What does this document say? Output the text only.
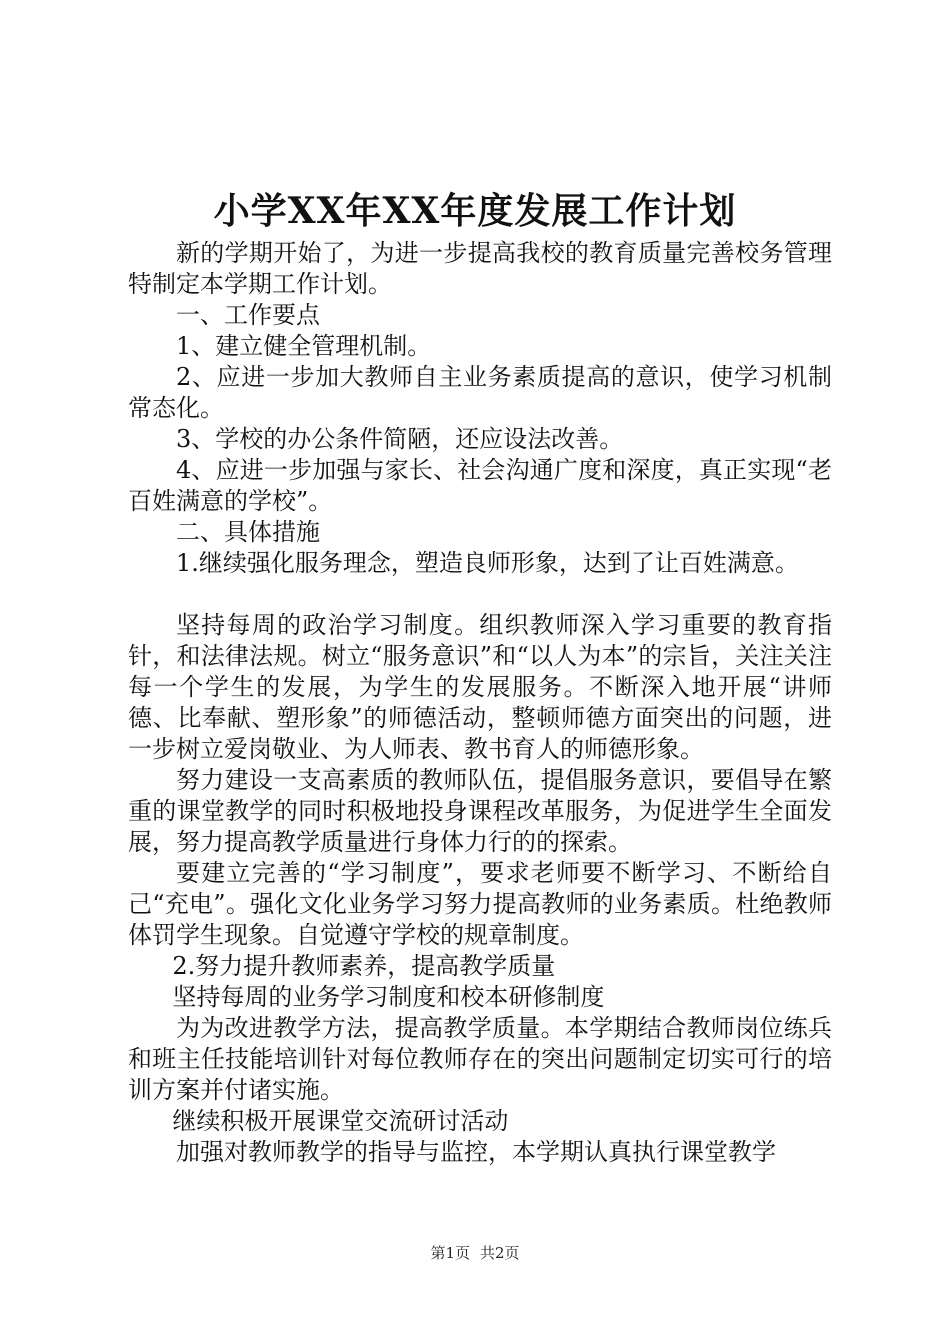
小学XX年XX年度发展工作计划

新的学期开始了，为进一步提高我校的教育质量完善校务管理特制定本学期工作计划。

一、工作要点

1、建立健全管理机制。

2、应进一步加大教师自主业务素质提高的意识，使学习机制常态化。

3、学校的办公条件简陋，还应设法改善。

4、应进一步加强与家长、社会沟通广度和深度，真正实现“老百姓满意的学校”。

二、具体措施

1.继续强化服务理念，塑造良师形象，达到了让百姓满意。

坚持每周的政治学习制度。组织教师深入学习重要的教育指针，和法律法规。树立“服务意识”和“以人为本”的宗旨，关注关注每一个学生的发展，为学生的发展服务。不断深入地开展“讲师德、比奉献、塑形象”的师德活动，整顿师德方面突出的问题，进一步树立爱岗敬业、为人师表、教书育人的师德形象。

努力建设一支高素质的教师队伍，提倡服务意识，要倡导在繁重的课堂教学的同时积极地投身课程改革服务，为促进学生全面发展，努力提高教学质量进行身体力行的的探索。

要建立完善的“学习制度”，要求老师要不断学习、不断给自己“充电”。强化文化业务学习努力提高教师的业务素质。杜绝教师体罚学生现象。自觉遵守学校的规章制度。

2.努力提升教师素养，提高教学质量

坚持每周的业务学习制度和校本研修制度

为为改进教学方法，提高教学质量。本学期结合教师岗位练兵和班主任技能培训针对每位教师存在的突出问题制定切实可行的培训方案并付诸实施。

继续积极开展课堂交流研讨活动

加强对教师教学的指导与监控，本学期认真执行课堂教学

第1页 共2页
